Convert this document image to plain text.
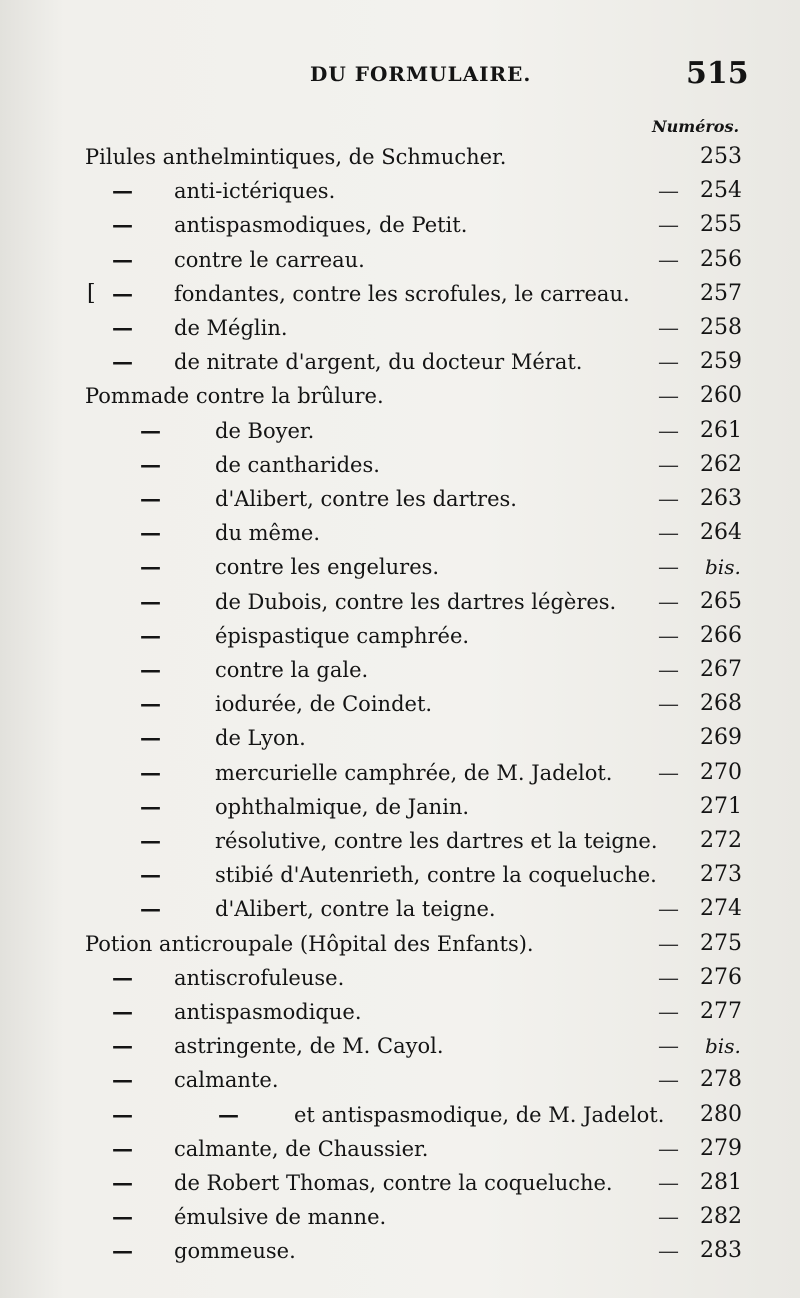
DU FORMULAIRE.	515
Numéros.
Pilules anthelmintiques, de Schmucher.	253
— anti-ictériques.	— 254
— antispasmodiques, de Petit.	— 255
— contre le carreau.	— 256
[ — fondantes, contre les scrofules, le carreau.	257
— de Méglin.	— 258
— de nitrate d'argent, du docteur Mérat.	— 259
Pommade contre la brûlure.	— 260
—	de Boyer.	— 261
—	de cantharides.	— 262
—	d'Alibert, contre les dartres.	— 263
—	du même.	— 264
—	contre les engelures.	— bis.
—	de Dubois, contre les dartres légères. — 265
—	épispastique camphrée.	— 266
—	contre la gale.	— 267
—	iodurée, de Coindet.	— 268
—	de Lyon.	269
—	mercurielle camphrée, de M. Jadelot. — 270
—	ophthalmique, de Janin.	271
—	résolutive, contre les dartres et la teigne. 272
—	stibié d'Autenrieth, contre la coqueluche. 273
—	d'Alibert, contre la teigne.	— 274
Potion anticroupale (Hôpital des Enfants).	— 275
— antiscrofuleuse.	— 276
— antispasmodique.	— 277
— astringente, de M. Cayol.	— bis.
— calmante.	— 278
—	—	et antispasmodique, de M. Jadelot. 280
— calmante, de Chaussier.	— 279
— de Robert Thomas, contre la coqueluche. — 281
— émulsive de manne.	— 282
— gommeuse.	— 283
